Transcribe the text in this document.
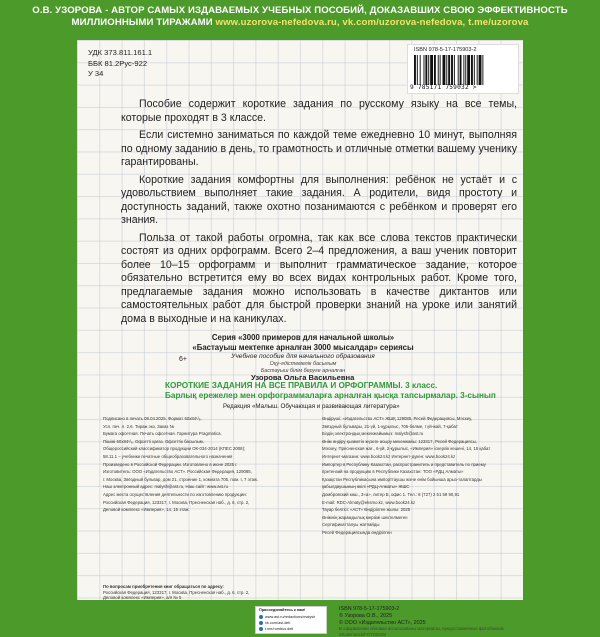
О.В. УЗОРОВА - АВТОР САМЫХ ИЗДАВАЕМЫХ УЧЕБНЫХ ПОСОБИЙ, ДОКАЗАВШИХ СВОЮ ЭФФЕКТИВНОСТЬ
МИЛЛИОННЫМИ ТИРАЖАМИ www.uzorova-nefedova.ru, vk.com/uzorova-nefedova, t.me/uzorova
УДК 373.811.161.1
ББК 81.2Рус-922
У 34
ISBN 978-5-17-175903-2
9 785171 759032 >

Пособие содержит короткие задания по русскому языку на все темы, которые проходят в 3 классе.

Если системно заниматься по каждой теме ежедневно 10 минут, выполняя по одному заданию в день, то грамотность и отличные отметки вашему ученику гарантированы.

Короткие задания комфортны для выполнения: ребёнок не устаёт и с удовольствием выполняет такие задания. А родители, видя простоту и доступность заданий, также охотно позанимаются с ребёнком и проверят его знания.

Польза от такой работы огромна, так как все слова текстов практически состоят из одних орфограмм. Всего 2–4 предложения, а ваш ученик повторит более 10–15 орфограмм и выполнит грамматическое задание, которое обязательно встретится ему во всех видах контрольных работ. Кроме того, предлагаемые задания можно использовать в качестве диктантов или самостоятельных работ для быстрой проверки знаний на уроке или занятий дома в выходные и на каникулах.

Серия «3000 примеров для начальной школы»
«Бастауыш мектепке арналған 3000 мысалдар» сериясы
Учебное пособие для начального образования
Оқу-әдістемелік басылым
Бастауыш білім беруге арналған
6+
Узорова Ольга Васильевна
КОРОТКИЕ ЗАДАНИЯ НА ВСЕ ПРАВИЛА И ОРФОГРАММЫ. 3 класс.
Барлық ережелер мен орфограммаларға арналған қысқа тапсырмалар. 3-сынып
Редакция «Малыш. Обучающая и развивающая литература»

Подписано в печать 08.04.2025. Формат 60x84¹/₈.

Усл. печ. л. 2,6. Тираж экз. Заказ №

Бумага офсетная. Печать офсетная. Гарнитура Pragmatica.

Пішімі 60х84¹/₈. Офсетті қағаз. Офсеттік басылым.

Общероссийский классификатор продукции ОК-034-2014 (КПЕС 2008);

58.11.1 – учебники печатные общеобразовательного назначения

Произведено в Российской Федерации. Изготовлено в июне 2025 г.

Изготовитель: ООО «Издательство АСТ». Российская Федерация, 129085,

г. Москва, Звёздный бульвар, дом 21, строение 1, комната 705, пом. I, 7 этаж.

Наш электронный адрес: malysh@ast.ru, Наш сайт: www.ast.ru

Адрес места осуществления деятельности по изготовлению продукции:

Российская Федерация, 123317, г. Москва, Пресненская наб., д. 6, стр. 2,

Деловой комплекс «Империя», 14, 15 этаж

Өндіруші: «Издательство АСТ» ЖШҚ 129085, Ресей Федерациясы, Мәскеу,

Звёздный бульвары, 21-үй, 1-құрылыс, 705-бөлме, I үй-жай, 7-қабат

Біздің электрондық мекенжайымыз: malysh@ast.ru

Өнім өндіру қызметін жүзеге асыру мекенжайы: 123317, Ресей Федерациясы,

Мәскеу, Пресненская жағ., 6-үй, 2-құрылыс, «Империя» іскерлік кешені, 14, 15 қабат

Интернет-магазин: www.book24.kz Интернет-дүкен: www.book24.kz

Импортер в Республику Казахстан, распространитель и представитель по приему

претензий на продукцию в Республике Казахстан: ТОО «РДЦ Алматы»

Қазақстан Республикасына импорттаушы және өнім бойынша арыз-талаптарды

қабылдаушының өкілі «РДЦ-Алматы» ЖШС

Домбровский көш., 3«а», литер Б, офис 1. Тел.: 8 (727) 2 51 59 90,91

E-mail: RDC-Almaty@eksmo.kz, www.book24.kz

Тауар белгісі: «АСТ» Өндірілген жылы: 2025

Өнімнің жарамдылық мерзімі шектелмеген

Сертификатталуы жатпайды

Ресей Федерациясында өндірілген

По вопросам приобретения книг обращаться по адресу:
Российская Федерация, 123317, г. Москва, Пресненская наб., д. 6, стр. 2,
Деловой комплекс «Империя», а/я № 5
Присоединяйтесь к нам!
www.ast.ru/redactions/malysh
vk.com/ast.deti
t.me/rumbus.deti
ISBN 978-5-17-175903-2
© Узорова О.В., 2025
© ООО «Издательство АСТ», 2025
В оформлении обложки использованы материалы, предоставленные фотобанком Shutterstock/FOTODOM
